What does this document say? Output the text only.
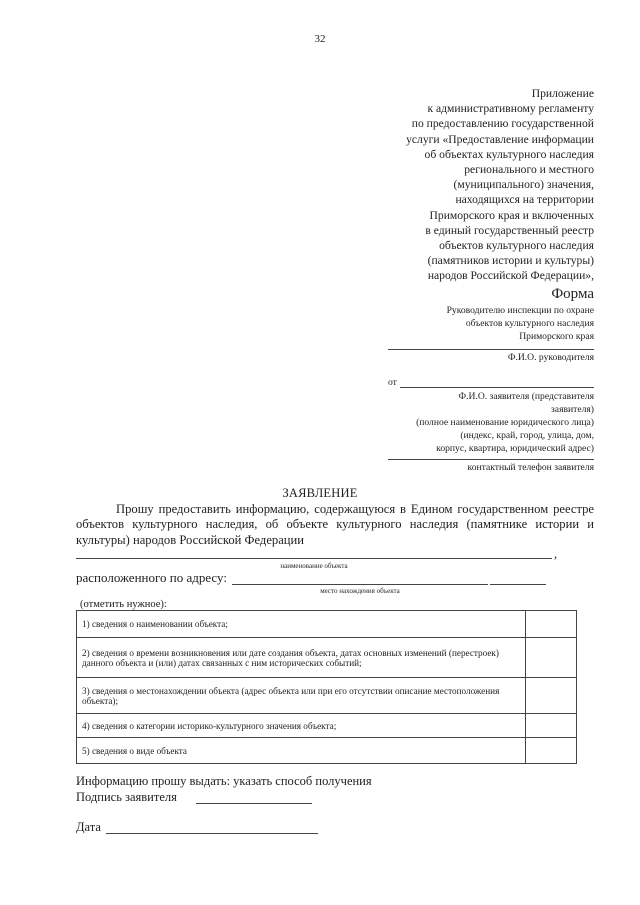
32
Приложение
к административному регламенту
по предоставлению государственной
услуги «Предоставление информации
об объектах культурного наследия
регионального и местного
(муниципального) значения,
находящихся на территории
Приморского края и включенных
в единый государственный реестр
объектов культурного наследия
(памятников истории и культуры)
народов Российской Федерации»,
Форма
Руководителю инспекции по охране
объектов культурного наследия
Приморского края
Ф.И.О. руководителя
от
Ф.И.О. заявителя (представителя
заявителя)
(полное наименование юридического лица)
(индекс, край, город, улица, дом,
корпус, квартира, юридический адрес)
контактный телефон заявителя
ЗАЯВЛЕНИЕ
Прошу предоставить информацию, содержащуюся в Едином государственном реестре объектов культурного наследия, об объекте культурного наследия (памятнике истории и культуры) народов Российской Федерации
,
наименование объекта
расположенного по адресу:
место нахождения объекта
(отметить нужное):
1) сведения о наименовании объекта;	
2) сведения о времени возникновения или дате создания объекта, датах основных изменений (перестроек) данного объекта и (или) датах связанных с ним исторических событий;	
3) сведения о местонахождении объекта (адрес объекта или при его отсутствии описание местоположения объекта);	
4) сведения о категории историко-культурного значения объекта;	
5) сведения о виде объекта	
Информацию прошу выдать: указать способ получения
Подпись заявителя
Дата
